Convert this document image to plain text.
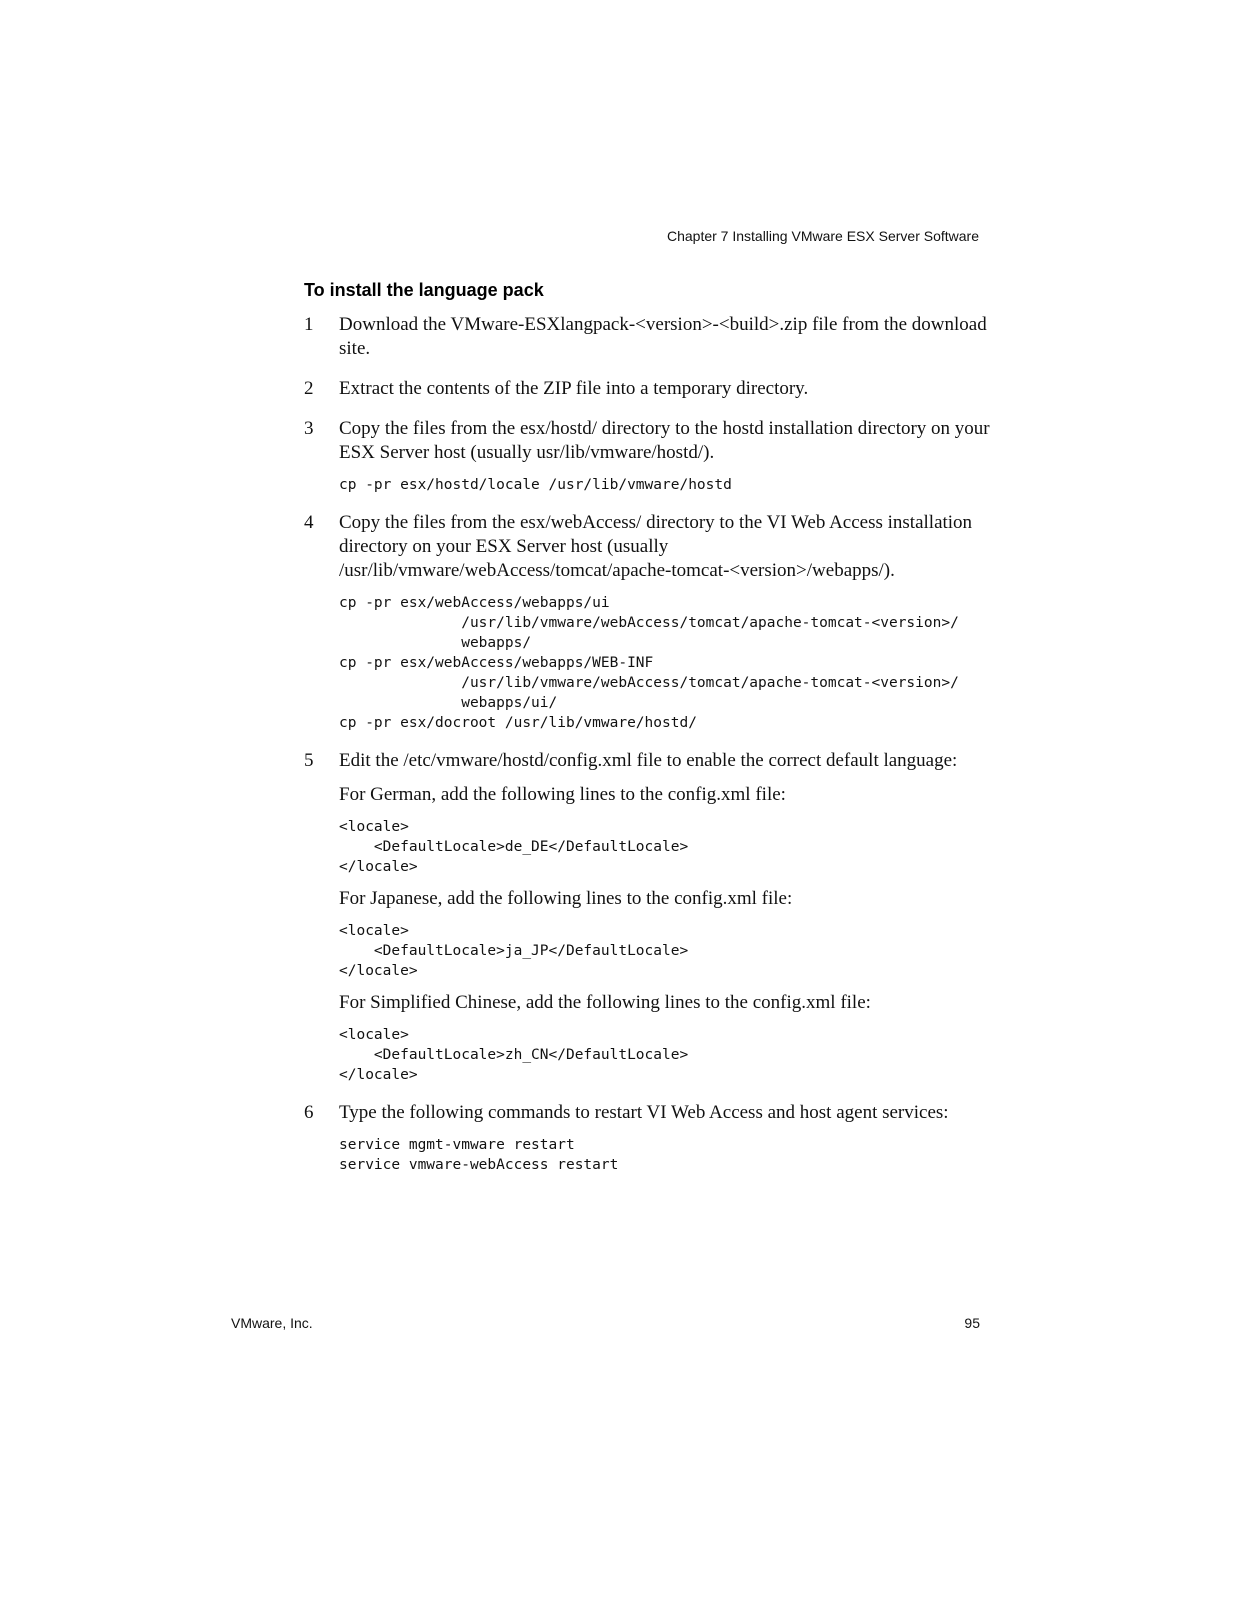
Chapter 7 Installing VMware ESX Server Software
To install the language pack
1	Download the VMware-ESXlangpack-<version>-<build>.zip file from the download site.

2	Extract the contents of the ZIP file into a temporary directory.

3	Copy the files from the esx/hostd/ directory to the hostd installation directory on your ESX Server host (usually usr/lib/vmware/hostd/).

cp -pr esx/hostd/locale /usr/lib/vmware/hostd
4	Copy the files from the esx/webAccess/ directory to the VI Web Access installation directory on your ESX Server host (usually
/usr/lib/vmware/webAccess/tomcat/apache-tomcat-<version>/webapps/).

cp -pr esx/webAccess/webapps/ui
/usr/lib/vmware/webAccess/tomcat/apache-tomcat-<version>/
webapps/
cp -pr esx/webAccess/webapps/WEB-INF
/usr/lib/vmware/webAccess/tomcat/apache-tomcat-<version>/
webapps/ui/
cp -pr esx/docroot /usr/lib/vmware/hostd/
5	Edit the /etc/vmware/hostd/config.xml file to enable the correct default language:

For German, add the following lines to the config.xml file:

<locale>
<DefaultLocale>de_DE</DefaultLocale>
</locale>

For Japanese, add the following lines to the config.xml file:

<locale>
<DefaultLocale>ja_JP</DefaultLocale>
</locale>

For Simplified Chinese, add the following lines to the config.xml file:

<locale>
<DefaultLocale>zh_CN</DefaultLocale>
</locale>
6	Type the following commands to restart VI Web Access and host agent services:

service mgmt-vmware restart
service vmware-webAccess restart
VMware, Inc.	95
